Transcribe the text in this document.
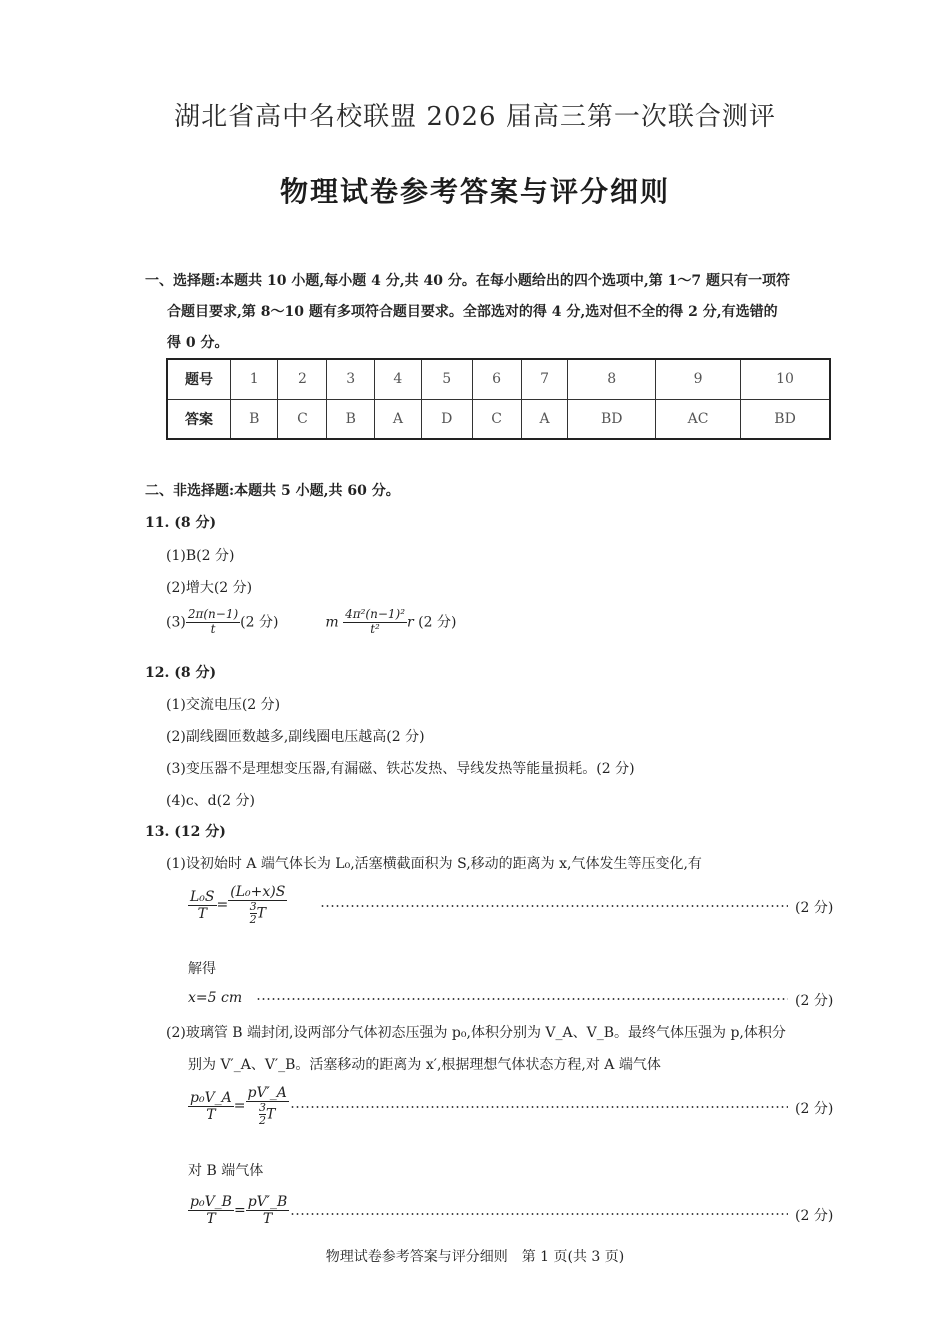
湖北省高中名校联盟 2026 届高三第一次联合测评
物理试卷参考答案与评分细则
一、选择题:本题共 10 小题,每小题 4 分,共 40 分。在每小题给出的四个选项中,第 1～7 题只有一项符
合题目要求,第 8～10 题有多项符合题目要求。全部选对的得 4 分,选对但不全的得 2 分,有选错的
得 0 分。
题号	1	2	3	4	5	6	7	8	9	10
答案	B	C	B	A	D	C	A	BD	AC	BD
二、非选择题:本题共 5 小题,共 60 分。
11. (8 分)
(1)B(2 分)
(2)增大(2 分)
$(3) \frac{2\pi(n-1)}{t} (2$ 分)	m $\frac{\text{4π²(n−1)²}}{\text{t²}}$ r (2 分)
12. (8 分)
(1)交流电压(2 分)
(2)副线圈匝数越多,副线圈电压越高(2 分)
(3)变压器不是理想变压器,有漏磁、铁芯发热、导线发热等能量损耗。(2 分)
(4)c、d(2 分)
13. (12 分)
(1)设初始时 A 端气体长为 L₀,活塞横截面积为 S,移动的距离为 x,气体发生等压变化,有
$\frac{\text{L₀S}}{T} = \frac{\text{(L₀+x)S}}{\frac{3}{2} T}$	(2 分)
解得
x=5 cm	(2 分)
(2)玻璃管 B 端封闭,设两部分气体初态压强为 p₀,体积分别为 V_A、V_B。最终气体压强为 p,体积分
别为 V′_A、V′_B。活塞移动的距离为 x′,根据理想气体状态方程,对 A 端气体
$\frac{\text{p₀V\_A}}{T} = \frac{pV'\_A}{\frac{3}{2} T}$	(2 分)
对 B 端气体
$\frac{\text{p₀V\_B}}{T} = \frac{pV'\_B}{T}$	(2 分)
物理试卷参考答案与评分细则　第 1 页(共 3 页)
